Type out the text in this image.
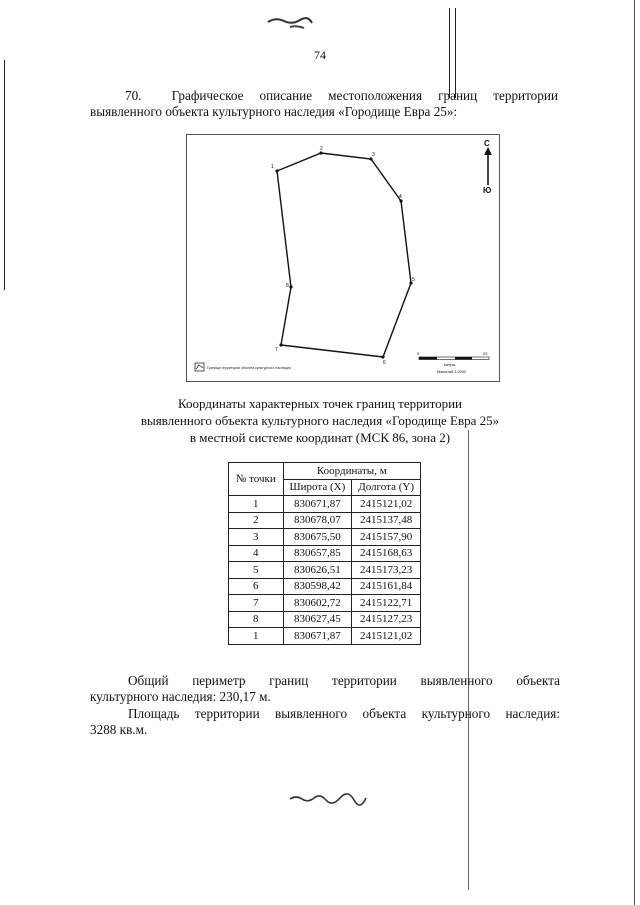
74
70. Графическое описание местоположения границ территории
выявленного объекта культурного наследия «Городище Евра 25»:
1
2
3
4
5
6
7
8
С
Ю
Граница территории объекта культурного наследия
0	25
метры
Масштаб 1:2000
Координаты характерных точек границ территории
выявленного объекта культурного наследия «Городище Евра 25»
в местной системе координат (МСК 86, зона 2)
№ точки	Координаты, м	
	Широта (X)	Долгота (Y)
1	830671,87	2415121,02
2	830678,07	2415137,48
3	830675,50	2415157,90
4	830657,85	2415168,63
5	830626,51	2415173,23
6	830598,42	2415161,84
7	830602,72	2415122,71
8	830627,45	2415127,23
1	830671,87	2415121,02
Общий периметр границ территории выявленного объекта
культурного наследия: 230,17 м.
Площадь территории выявленного объекта культурного наследия:
3288 кв.м.
